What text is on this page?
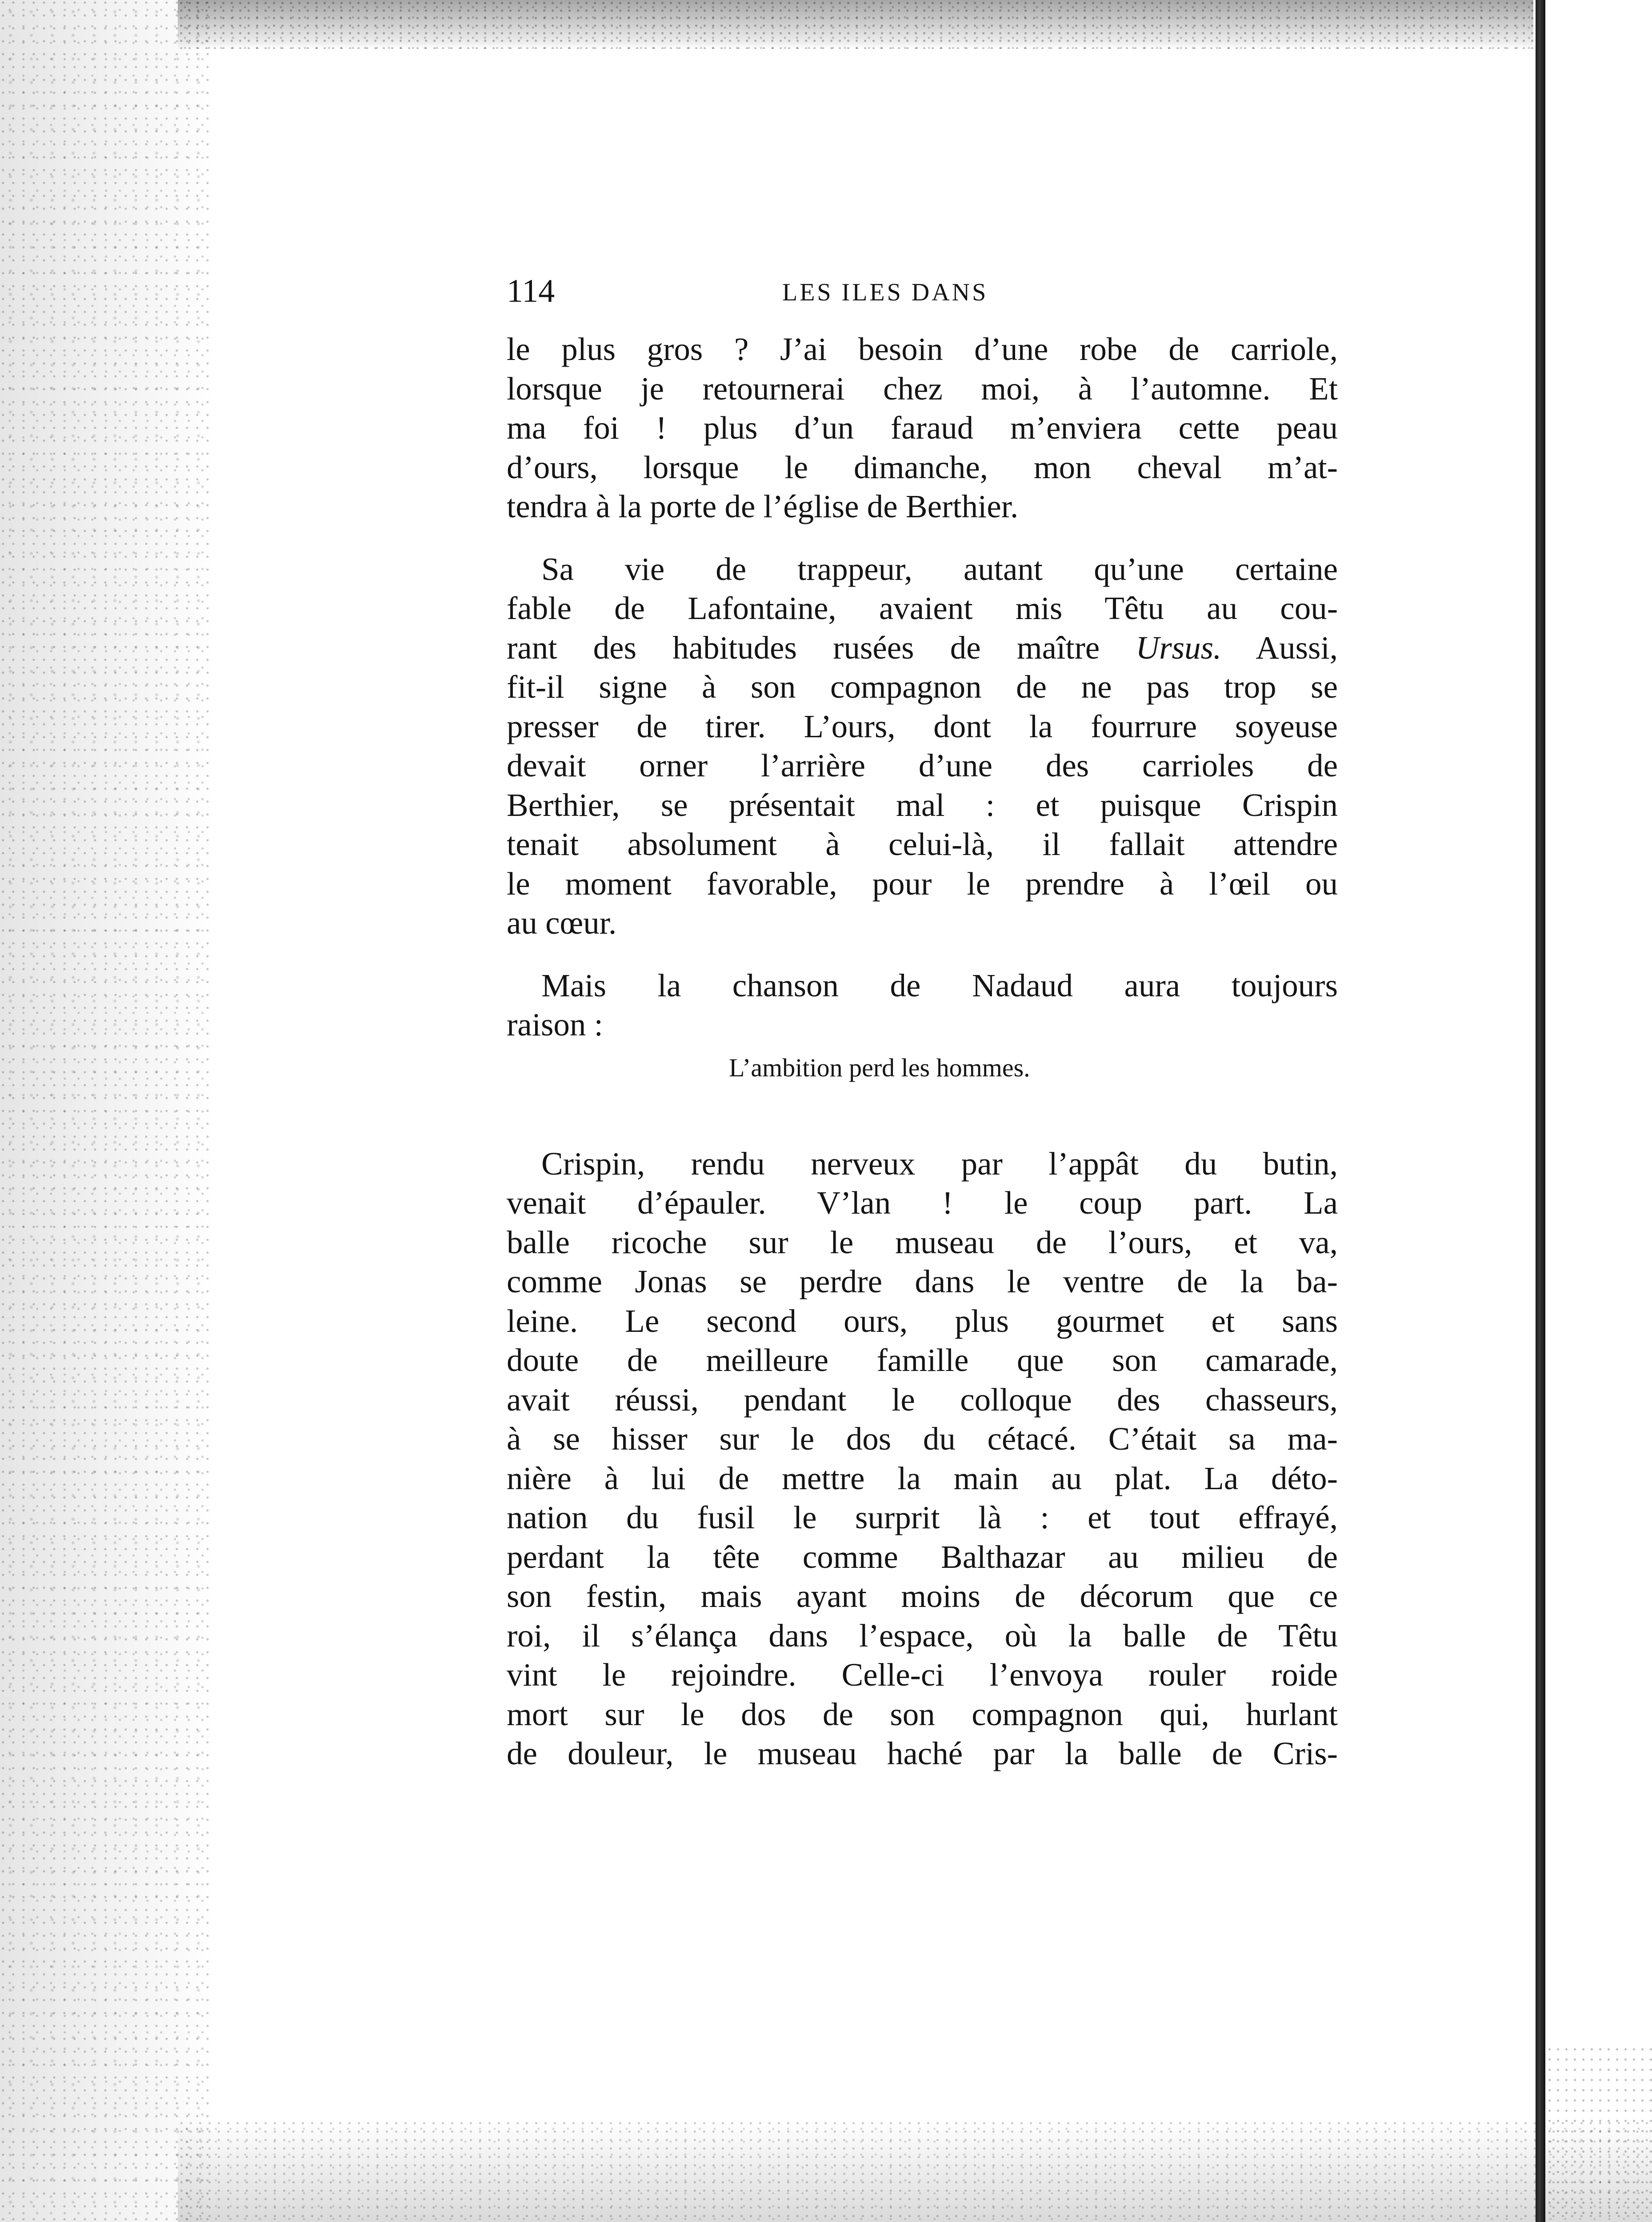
114	LES ILES DANS

le plus gros ? J’ai besoin d’une robe de carriole,

lorsque je retournerai chez moi, à l’automne. Et

ma foi ! plus d’un faraud m’enviera cette peau

d’ours, lorsque le dimanche, mon cheval m’at-

tendra à la porte de l’église de Berthier.

Sa vie de trappeur, autant qu’une certaine

fable de Lafontaine, avaient mis Têtu au cou-

rant des habitudes rusées de maître Ursus. Aussi,

fit-il signe à son compagnon de ne pas trop se

presser de tirer. L’ours, dont la fourrure soyeuse

devait orner l’arrière d’une des carrioles de

Berthier, se présentait mal : et puisque Crispin

tenait absolument à celui-là, il fallait attendre

le moment favorable, pour le prendre à l’œil ou

au cœur.

Mais la chanson de Nadaud aura toujours

raison :

L’ambition perd les hommes.

Crispin, rendu nerveux par l’appât du butin,

venait d’épauler. V’lan ! le coup part. La

balle ricoche sur le museau de l’ours, et va,

comme Jonas se perdre dans le ventre de la ba-

leine. Le second ours, plus gourmet et sans

doute de meilleure famille que son camarade,

avait réussi, pendant le colloque des chasseurs,

à se hisser sur le dos du cétacé. C’était sa ma-

nière à lui de mettre la main au plat. La déto-

nation du fusil le surprit là : et tout effrayé,

perdant la tête comme Balthazar au milieu de

son festin, mais ayant moins de décorum que ce

roi, il s’élança dans l’espace, où la balle de Têtu

vint le rejoindre. Celle-ci l’envoya rouler roide

mort sur le dos de son compagnon qui, hurlant

de douleur, le museau haché par la balle de Cris-
